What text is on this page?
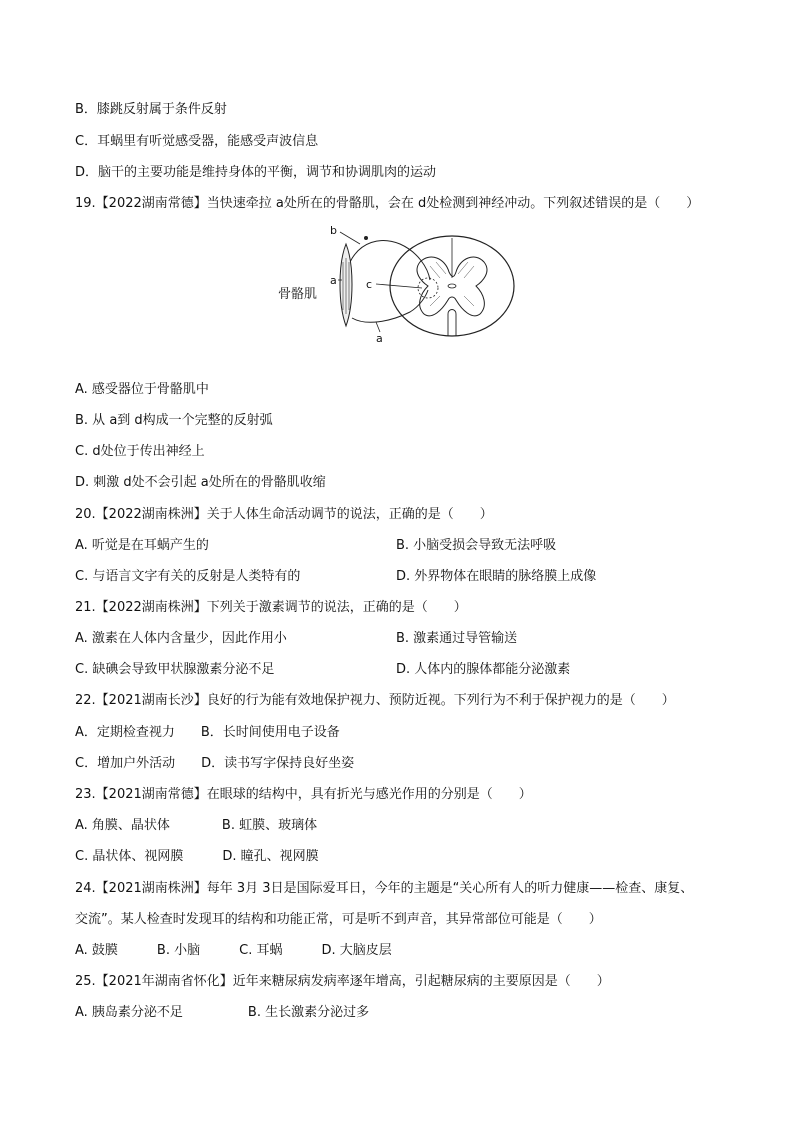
B．膝跳反射属于条件反射
C．耳蜗里有听觉感受器，能感受声波信息
D．脑干的主要功能是维持身体的平衡，调节和协调肌肉的运动
19.【2022湖南常德】当快速牵拉 a处所在的骨骼肌，会在 d处检测到神经冲动。下列叙述错误的是（　　）
b
a
骨骼肌
c
a
A. 感受器位于骨骼肌中
B. 从 a到 d构成一个完整的反射弧
C. d处位于传出神经上
D. 刺激 d处不会引起 a处所在的骨骼肌收缩
20.【2022湖南株洲】关于人体生命活动调节的说法，正确的是（　　）
A. 听觉是在耳蜗产生的	B. 小脑受损会导致无法呼吸
C. 与语言文字有关的反射是人类特有的	D. 外界物体在眼睛的脉络膜上成像
21.【2022湖南株洲】下列关于激素调节的说法，正确的是（　　）
A. 激素在人体内含量少，因此作用小	B. 激素通过导管输送
C. 缺碘会导致甲状腺激素分泌不足	D. 人体内的腺体都能分泌激素
22.【2021湖南长沙】良好的行为能有效地保护视力、预防近视。下列行为不利于保护视力的是（　　）
A．定期检查视力　　B．长时间使用电子设备
C．增加户外活动　　D．读书写字保持良好坐姿
23.【2021湖南常德】在眼球的结构中，具有折光与感光作用的分别是（　　）
A. 角膜、晶状体　　　　B. 虹膜、玻璃体
C. 晶状体、视网膜　　　D. 瞳孔、视网膜
24.【2021湖南株洲】每年 3月 3日是国际爱耳日，今年的主题是“关心所有人的听力健康——检查、康复、
交流”。某人检查时发现耳的结构和功能正常，可是听不到声音，其异常部位可能是（　　）
A. 鼓膜　　　B. 小脑　　　C. 耳蜗　　　D. 大脑皮层
25.【2021年湖南省怀化】近年来糖尿病发病率逐年增高，引起糖尿病的主要原因是（　　）
A. 胰岛素分泌不足　　　　　B. 生长激素分泌过多
